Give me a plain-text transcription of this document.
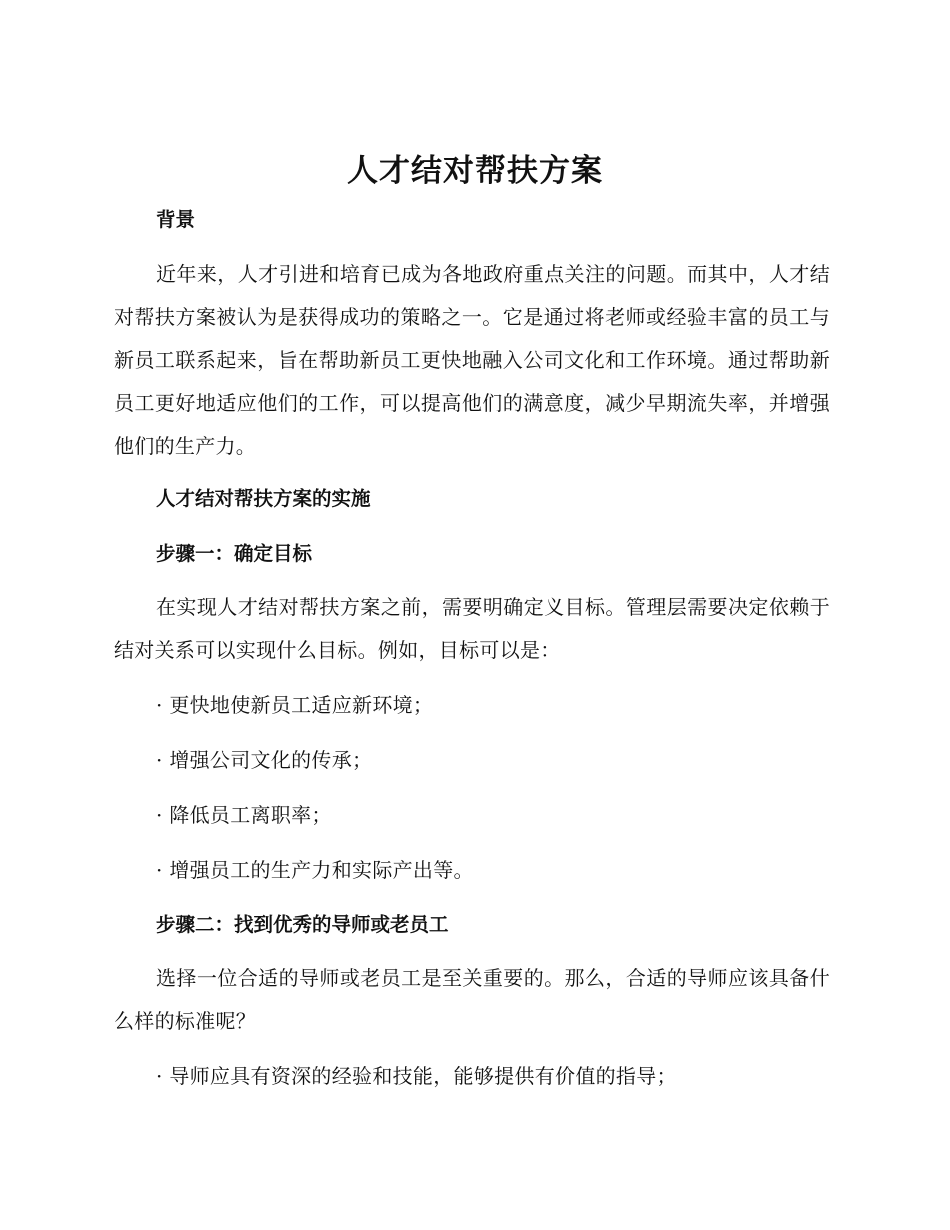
人才结对帮扶方案
背景

近年来，人才引进和培育已成为各地政府重点关注的问题。而其中，人才结对帮扶方案被认为是获得成功的策略之一。它是通过将老师或经验丰富的员工与新员工联系起来，旨在帮助新员工更快地融入公司文化和工作环境。通过帮助新员工更好地适应他们的工作，可以提高他们的满意度，减少早期流失率，并增强他们的生产力。

人才结对帮扶方案的实施
步骤一：确定目标

在实现人才结对帮扶方案之前，需要明确定义目标。管理层需要决定依赖于结对关系可以实现什么目标。例如，目标可以是：

· 更快地使新员工适应新环境；
· 增强公司文化的传承；
· 降低员工离职率；
· 增强员工的生产力和实际产出等。
步骤二：找到优秀的导师或老员工

选择一位合适的导师或老员工是至关重要的。那么，合适的导师应该具备什么样的标准呢？

· 导师应具有资深的经验和技能，能够提供有价值的指导；
